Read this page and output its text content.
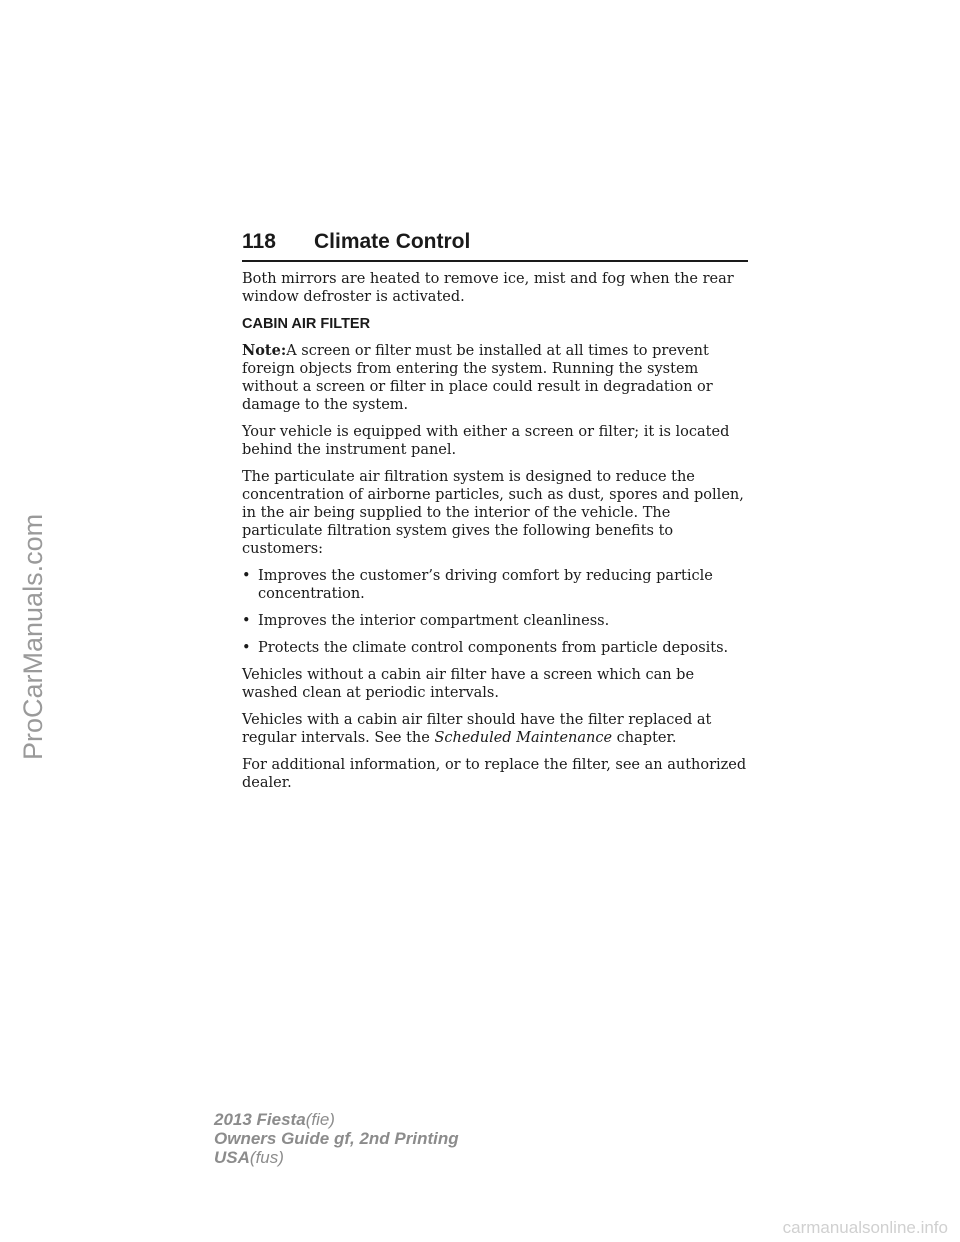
118 Climate Control

Both mirrors are heated to remove ice, mist and fog when the rear window defroster is activated.

CABIN AIR FILTER

Note:A screen or filter must be installed at all times to prevent foreign objects from entering the system. Running the system without a screen or filter in place could result in degradation or damage to the system.

Your vehicle is equipped with either a screen or filter; it is located behind the instrument panel.

The particulate air filtration system is designed to reduce the concentration of airborne particles, such as dust, spores and pollen, in the air being supplied to the interior of the vehicle. The particulate filtration system gives the following benefits to customers:

• Improves the customer’s driving comfort by reducing particle concentration.
• Improves the interior compartment cleanliness.
• Protects the climate control components from particle deposits.

Vehicles without a cabin air filter have a screen which can be washed clean at periodic intervals.

Vehicles with a cabin air filter should have the filter replaced at regular intervals. See the Scheduled Maintenance chapter.

For additional information, or to replace the filter, see an authorized dealer.

ProCarManuals.com
2013 Fiesta(fie)
Owners Guide gf, 2nd Printing
USA(fus)
carmanualsonline.info
